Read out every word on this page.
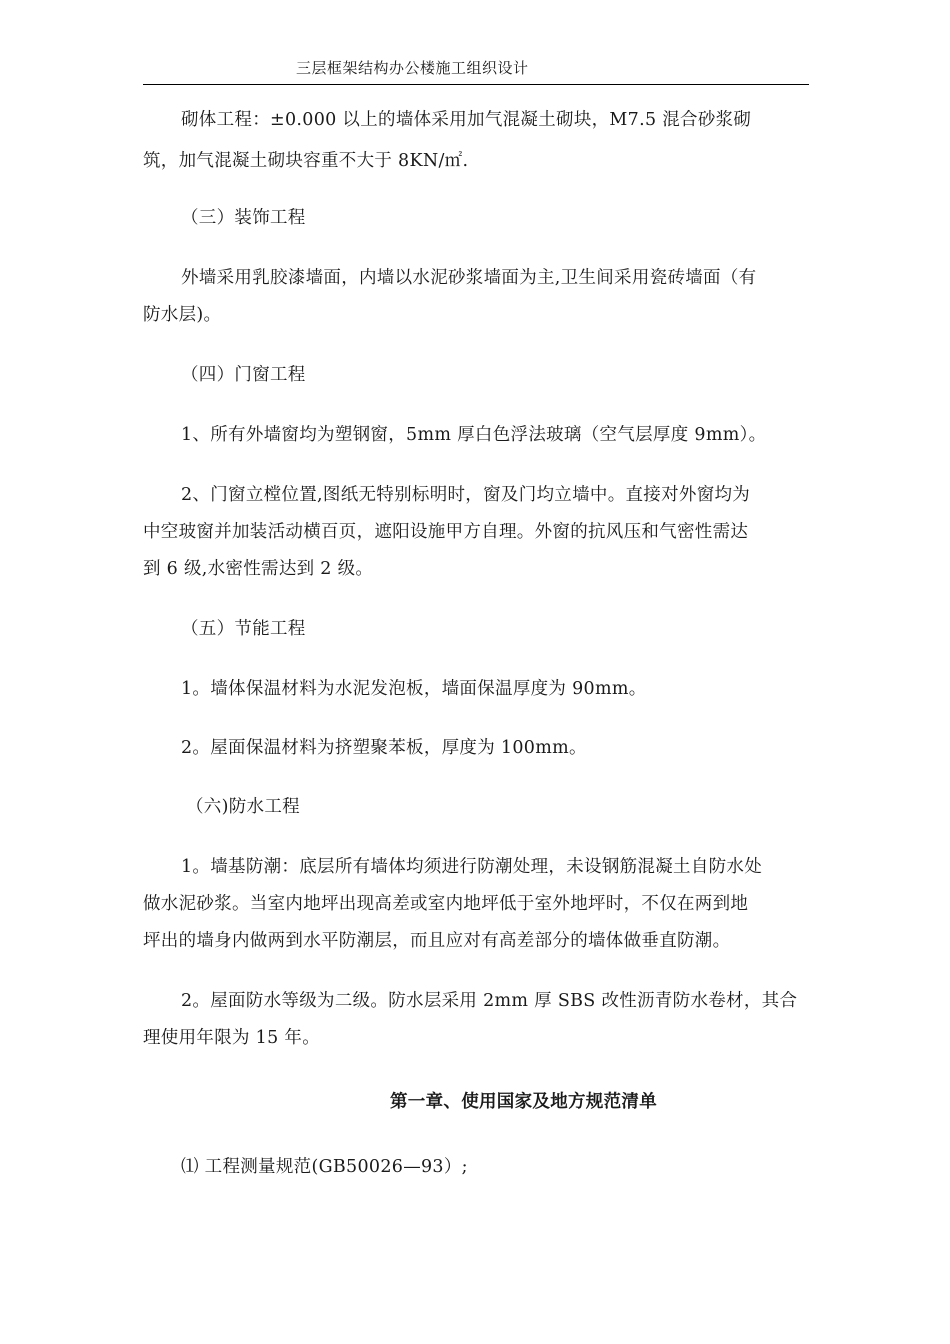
三层框架结构办公楼施工组织设计
砌体工程：±0.000 以上的墙体采用加气混凝土砌块，M7.5 混合砂浆砌
筑，加气混凝土砌块容重不大于 8KN/㎡.
（三）装饰工程
外墙采用乳胶漆墙面，内墙以水泥砂浆墙面为主,卫生间采用瓷砖墙面（有
防水层)。
（四）门窗工程
1、所有外墙窗均为塑钢窗，5mm 厚白色浮法玻璃（空气层厚度 9mm）。
2、门窗立樘位置,图纸无特别标明时，窗及门均立墙中。直接对外窗均为
中空玻窗并加装活动横百页，遮阳设施甲方自理。外窗的抗风压和气密性需达
到 6 级,水密性需达到 2 级。
（五）节能工程
1。墙体保温材料为水泥发泡板，墙面保温厚度为 90mm。
2。屋面保温材料为挤塑聚苯板，厚度为 100mm。
（六)防水工程
1。墙基防潮：底层所有墙体均须进行防潮处理，未设钢筋混凝土自防水处
做水泥砂浆。当室内地坪出现高差或室内地坪低于室外地坪时，不仅在两到地
坪出的墙身内做两到水平防潮层，而且应对有高差部分的墙体做垂直防潮。
2。屋面防水等级为二级。防水层采用 2mm 厚 SBS 改性沥青防水卷材，其合
理使用年限为 15 年。
第一章、使用国家及地方规范清单
⑴ 工程测量规范(GB50026—93）;
